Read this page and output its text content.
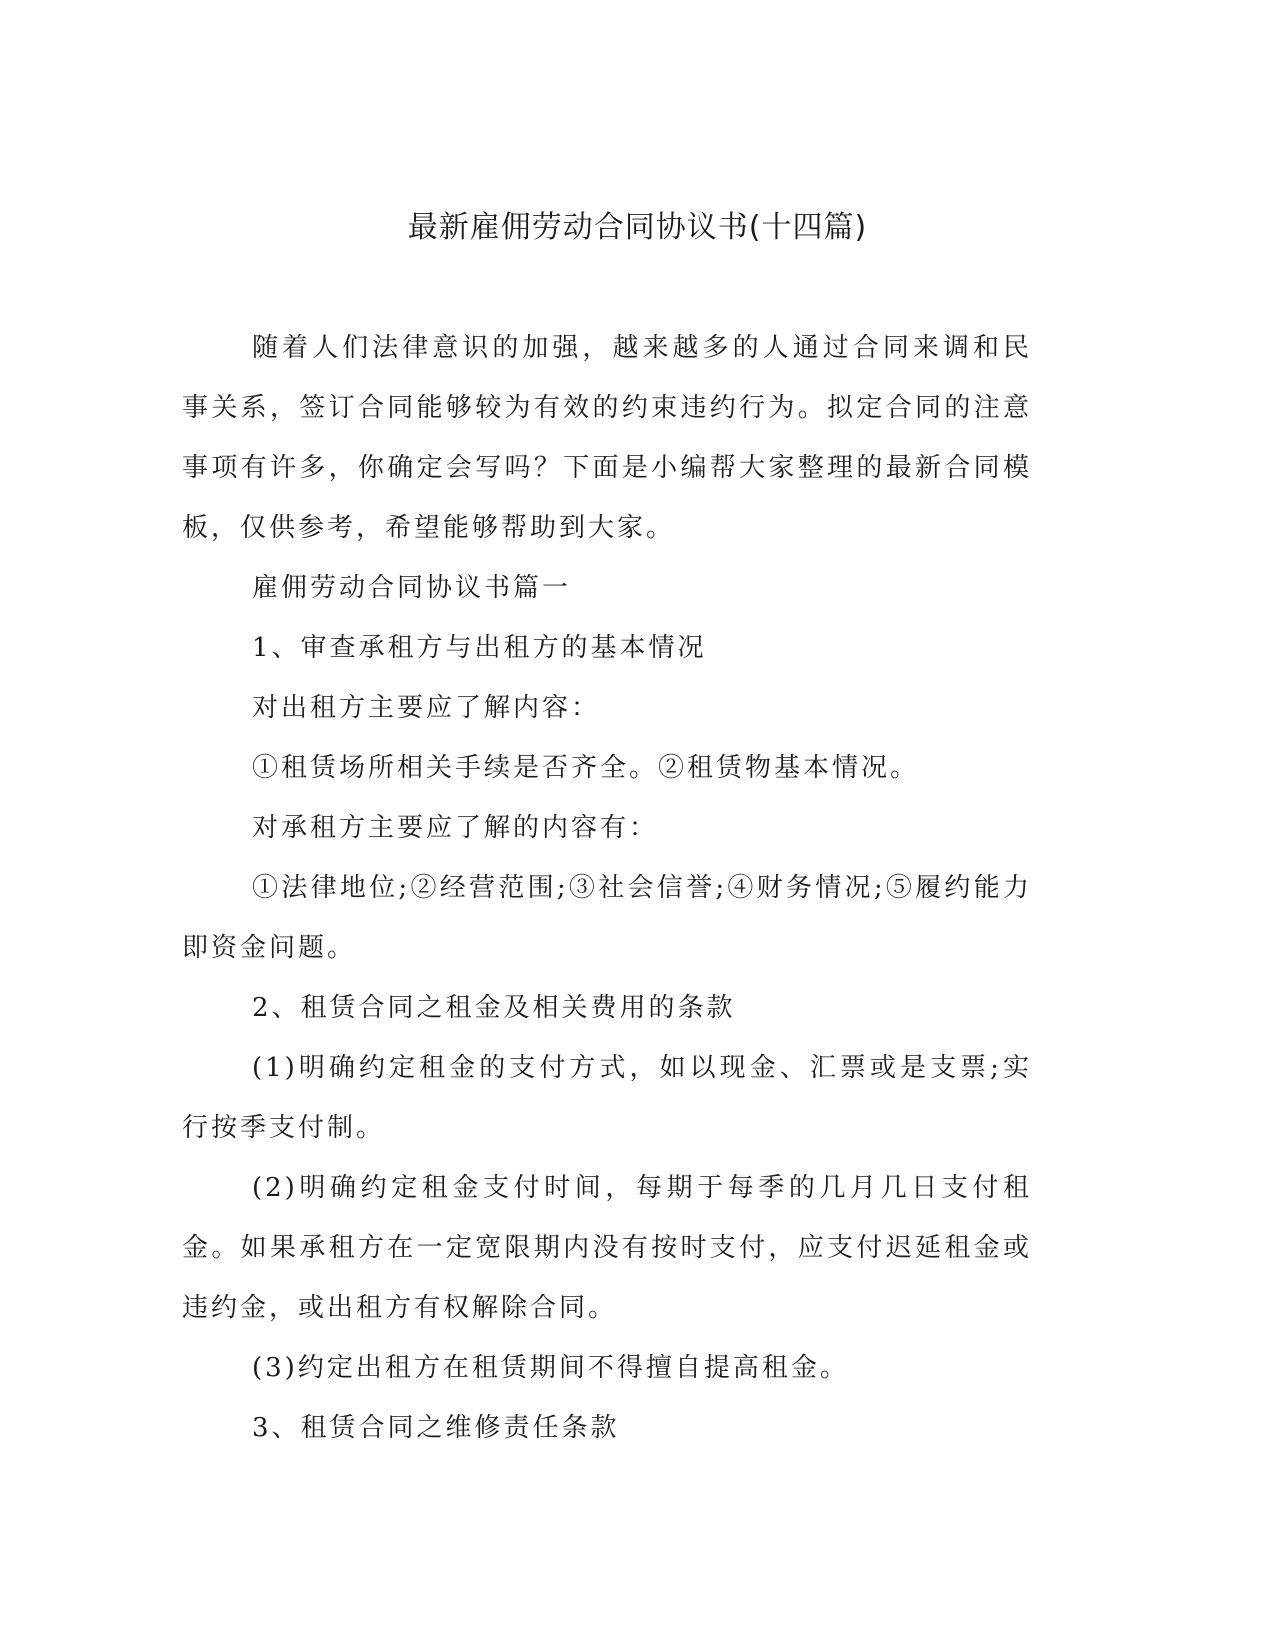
最新雇佣劳动合同协议书(十四篇)

随着人们法律意识的加强，越来越多的人通过合同来调和民事关系，签订合同能够较为有效的约束违约行为。拟定合同的注意事项有许多，你确定会写吗？下面是小编帮大家整理的最新合同模板，仅供参考，希望能够帮助到大家。

雇佣劳动合同协议书篇一

1、审查承租方与出租方的基本情况

对出租方主要应了解内容：

①租赁场所相关手续是否齐全。②租赁物基本情况。

对承租方主要应了解的内容有：

①法律地位;②经营范围;③社会信誉;④财务情况;⑤履约能力即资金问题。

2、租赁合同之租金及相关费用的条款

(1)明确约定租金的支付方式，如以现金、汇票或是支票;实行按季支付制。

(2)明确约定租金支付时间，每期于每季的几月几日支付租金。如果承租方在一定宽限期内没有按时支付，应支付迟延租金或违约金，或出租方有权解除合同。

(3)约定出租方在租赁期间不得擅自提高租金。

3、租赁合同之维修责任条款
